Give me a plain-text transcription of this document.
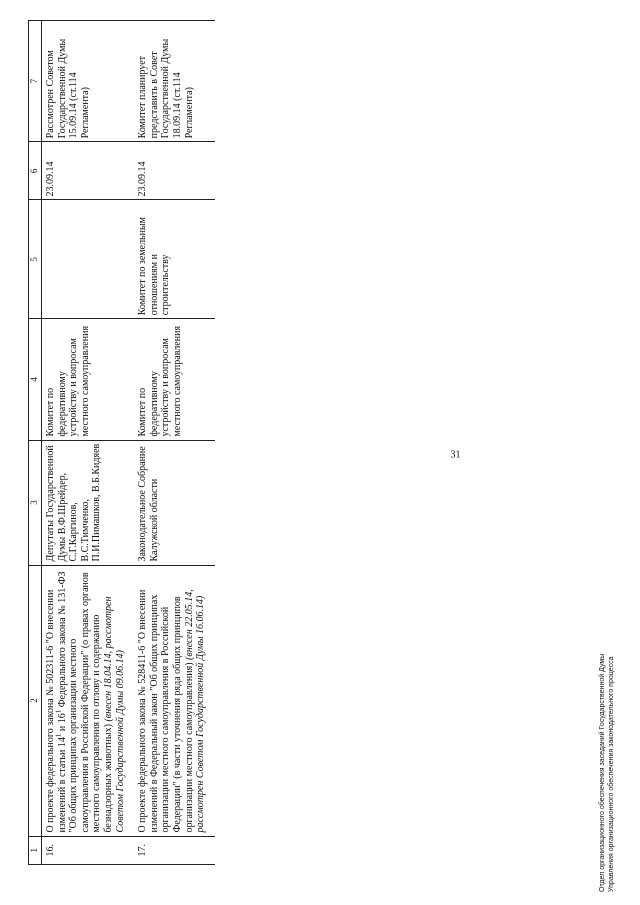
31
1	2	3	4	5	6	7
16.	О проекте федерального закона № 502311-6 "О внесении изменений в статьи $14^1$ и $16^1$ Федерального закона № 131-ФЗ "Об общих принципах организации местного самоуправления в Российской Федерации" (о правах органов местного самоуправления по отлову и содержанию безнадзорных животных) (внесен 18.04.14, рассмотрен Советом Государственной Думы 09.06.14)	Депутаты Государственной Думы В.Ф.Шрейдер, С.Г.Каргинов, В.С.Тимченко, П.И.Пимашков, В.Б.Кидяев	Комитет по федеративному устройству и вопросам местного самоуправления		23.09.14	Рассмотрен Советом Государственной Думы 15.09.14 (ст.114 Регламента)
17.	О проекте федерального закона № 528411-6 "О внесении изменений в Федеральный закон "Об общих принципах организации местного самоуправления в Российской Федерации" (в части уточнения ряда общих принципов организации местного самоуправления) (внесен 22.05.14, рассмотрен Советом Государственной Думы 16.06.14)	Законодательное Собрание Калужской области	Комитет по федеративному устройству и вопросам местного самоуправления	Комитет по земельным отношениям и строительству	23.09.14	Комитет планирует представить в Совет Государственной Думы 18.09.14 (ст.114 Регламента)
Отдел организационного обеспечения заседаний Государственной Думы Управления организационного обеспечения законодательного процесса
